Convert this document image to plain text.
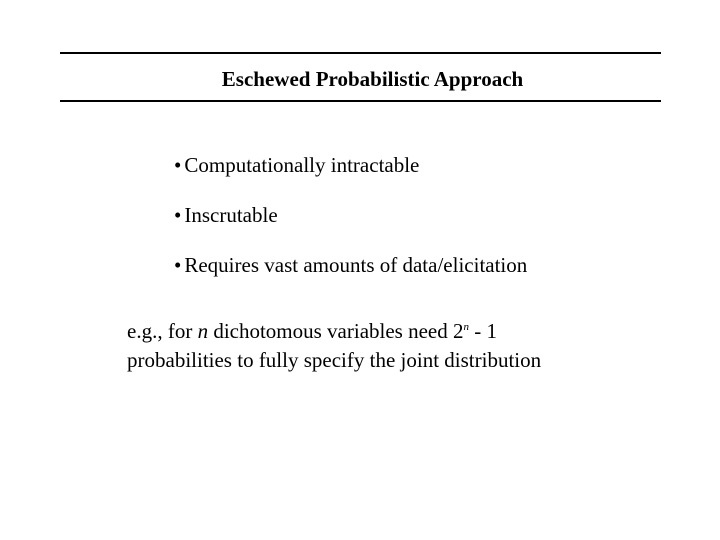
Eschewed Probabilistic Approach
• Computationally intractable
• Inscrutable
• Requires vast amounts of data/elicitation
e.g., for n dichotomous variables need 2$^n$ - 1
probabilities to fully specify the joint distribution
